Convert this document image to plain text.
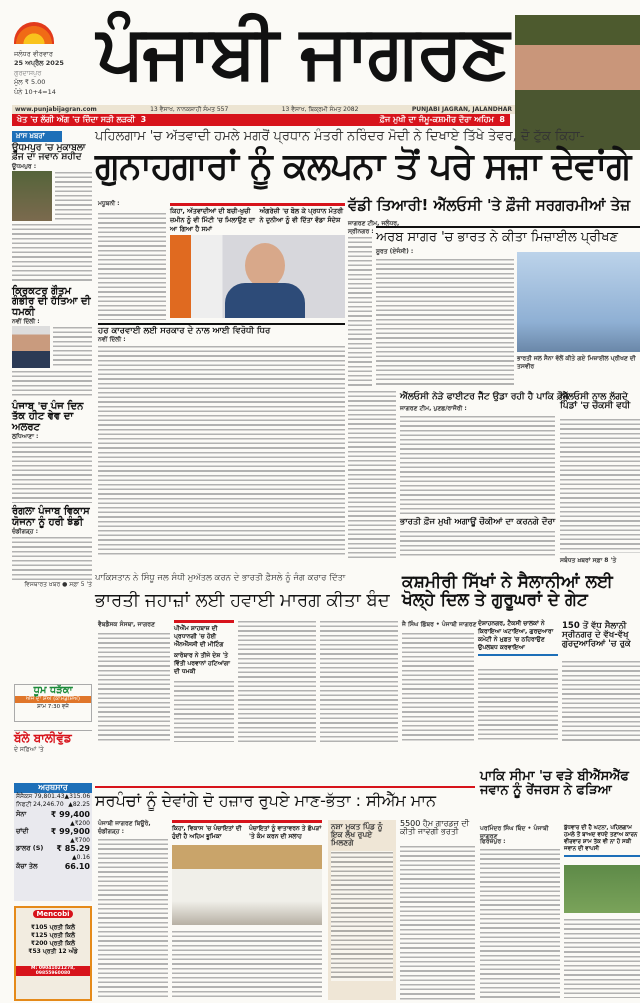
ਜਲੰਧਰ ਵੀਰਵਾਰ
25 ਅਪ੍ਰੈਲ 2025
ਗੁਰਦਾਸਪੁਰ
ਮੁੱਲ ₹ 5.00
ਪੰਨੇ 10+4=14 ਪੰਜਾਬੀ ਜਾਗਰਣ
www.punjabijagran.com	13 ਵੈਸਾਖ, ਨਾਨਕਸ਼ਾਹੀ ਸੰਮਤ 557	13 ਵੈਸਾਖ, ਬਿਕ੍ਰਮੀ ਸੰਮਤ 2082	PUNJABI JAGRAN, JALANDHAR
ਖੇਤ 'ਚ ਲੱਗੀ ਅੱਗ 'ਚ ਜ਼ਿੰਦਾ ਸੜੀ ਲੜਕੀ 3	ਫ਼ੌਜ ਮੁਖੀ ਦਾ ਜੰਮੂ-ਕਸ਼ਮੀਰ ਦੌਰਾ ਅਹਿਮ 8
ਖ਼ਾਸ ਖ਼ਬਰਾਂ
ਊਧਮਪੁਰ 'ਚ ਮੁਕਾਬਲਾ ਫ਼ੌਜ ਦਾ ਜਵਾਨ ਸ਼ਹੀਦ
ਊਧਮਪੁਰ :
ਕ੍ਰਿਕਟਰ ਗੌਤਮ ਗੰਭੀਰ ਦੀ ਹੱਤਿਆ ਦੀ ਧਮਕੀ
ਨਵੀਂ ਦਿੱਲੀ :
ਪੰਜਾਬ 'ਚ ਪੰਜ ਦਿਨ ਤੱਕ ਹੀਟ ਵੇਵ ਦਾ ਅਲਰਟ
ਲੁਧਿਆਣਾ :
ਰੰਗਲਾ ਪੰਜਾਬ ਵਿਕਾਸ ਯੋਜਨਾ ਨੂੰ ਹਰੀ ਝੰਡੀ
ਚੰਡੀਗੜ੍ਹ :
ਵਿਸਥਾਰਤ ਖ਼ਬਰ ● ਸਫ਼ਾ 5 'ਤੇ
ਧੂਮ ਧੜੱਕਾ
ਅੱਜ ਦਾ ਸ਼ੋਅ (ਕਾਮੇਡੀਸ਼ੋਅ)
ਸ਼ਾਮ 7:30 ਵਜੇ
ਬੱਲੇ ਬਾਲੀਵੁੱਡ
ਦੇ ਸਫ਼ਿਆਂ 'ਤੇ
ਅਰਥਸਾਰ
ਸੈਂਸੈਕਸ 79,801.43 ▲315.06
ਨਿਫਟੀ 24,246.70 ▲82.25
ਸੋਨਾ	₹ 99,400
▲₹200
ਚਾਂਦੀ	₹ 99,900
▲₹700
ਡਾਲਰ (S) ₹ 85.29
▲0.16
ਕੱਚਾ ਤੇਲ	66.10
Mencobi
₹105 ਪ੍ਰਤੀ ਕਿਲੋ
₹125 ਪ੍ਰਤੀ ਕਿਲੋ
₹200 ਪ੍ਰਤੀ ਕਿਲੋ
₹53 ਪ੍ਰਤੀ 12 ਅੰਡੇ
M: 09041021278, 09855960080
ਪਹਿਲਗਾਮ 'ਚ ਅੱਤਵਾਦੀ ਹਮਲੇ ਮਗਰੋਂ ਪ੍ਰਧਾਨ ਮੰਤਰੀ ਨਰਿੰਦਰ ਮੋਦੀ ਨੇ ਦਿਖਾਏ ਤਿੱਖੇ ਤੇਵਰ, ਦੋ ਟੁੱਕ ਕਿਹਾ-
ਗੁਨਾਹਗਾਰਾਂ ਨੂੰ ਕਲਪਨਾ ਤੋਂ ਪਰੇ ਸਜ਼ਾ ਦੇਵਾਂਗੇ
ਮਧੂਬਨੀ :
ਕਿਹਾ, ਅੱਤਵਾਦੀਆਂ ਦੀ ਬਚੀ-ਖੁਚੀ ਜ਼ਮੀਨ ਨੂੰ ਵੀ ਮਿੱਟੀ 'ਚ ਮਿਲਾਉਣ ਦਾ ਆ ਗਿਆ ਹੈ ਸਮਾਂ
ਅੰਗਰੇਜ਼ੀ 'ਚ ਬੋਲ ਕੇ ਪ੍ਰਧਾਨ ਮੰਤਰੀ ਨੇ ਦੁਨੀਆ ਨੂੰ ਵੀ ਦਿੱਤਾ ਵੱਡਾ ਸੰਦੇਸ਼
ਹਰ ਕਾਰਵਾਈ ਲਈ ਸਰਕਾਰ ਦੇ ਨਾਲ ਆਈ ਵਿਰੋਧੀ ਧਿਰ
ਨਵੀਂ ਦਿੱਲੀ :
ਵੱਡੀ ਤਿਆਰੀ! ਐੱਲਓਸੀ 'ਤੇ ਫ਼ੌਜੀ ਸਰਗਰਮੀਆਂ ਤੇਜ਼
ਜਾਗਰਣ ਟੀਮ, ਜਲੰਧਰ, ਸ੍ਰੀਨਗਰ : ਅਰਬ ਸਾਗਰ 'ਚ ਭਾਰਤ ਨੇ ਕੀਤਾ ਮਿਜ਼ਾਈਲ ਪ੍ਰੀਖਣ
ਸੂਰਤ (ਏਜੰਸੀ) :
ਭਾਰਤੀ ਜਲ ਸੈਨਾ ਵੱਲੋਂ ਕੀਤੇ ਗਏ ਮਿਜ਼ਾਈਲ ਪ੍ਰੀਖਣ ਦੀ ਤਸਵੀਰ
ਐੱਲਓਸੀ ਨੇੜੇ ਫਾਈਟਰ ਜੈੱਟ ਉਡਾ ਰਹੀ ਹੈ ਪਾਕਿ ਫ਼ੌਜ
ਜਾਗਰਣ ਟੀਮ, ਪੁਣਛ/ਰਾਜੌਰੀ :
ਐੱਲਓਸੀ ਨਾਲ ਲੱਗਦੇ ਪਿੰਡਾਂ 'ਚ ਚੌਕਸੀ ਵਧੀ
ਭਾਰਤੀ ਫ਼ੌਜ ਮੁਖੀ ਅਗਾਊਂ ਚੌਕੀਆਂ ਦਾ ਕਰਨਗੇ ਦੌਰਾ
ਸਬੰਧਤ ਖ਼ਬਰਾਂ ਸਫ਼ਾ 8 'ਤੇ
ਪਾਕਿਸਤਾਨ ਨੇ ਸਿੰਧੂ ਜਲ ਸੰਧੀ ਮੁਅੱਤਲ ਕਰਨ ਦੇ ਭਾਰਤੀ ਫ਼ੈਸਲੇ ਨੂੰ ਜੰਗ ਕਰਾਰ ਦਿੱਤਾ
ਭਾਰਤੀ ਜਹਾਜ਼ਾਂ ਲਈ ਹਵਾਈ ਮਾਰਗ ਕੀਤਾ ਬੰਦ
ਵੈਬਡੈਸਕ ਸੰਸਥਾ, ਜਾਗਰਣ
ਪੀਐੱਮ ਸ਼ਾਹਬਾਜ਼ ਦੀ ਪ੍ਰਧਾਨਗੀ 'ਚ ਹੋਈ ਐੱਨਐੱਸਸੀ ਦੀ ਮੀਟਿੰਗ
ਕਾਰੋਬਾਰ ਨੇ ਤੀਜੇ ਦੇਸ਼ 'ਤੇ ਵਿੱਤੀ ਪਰਵਾਨਾਂ ਹਟਿਆਂਗਾ ਦੀ ਧਮਕੀ
ਕਸ਼ਮੀਰੀ ਸਿੱਖਾਂ ਨੇ ਸੈਲਾਨੀਆਂ ਲਈ ਖੋਲ੍ਹੇ ਦਿਲ ਤੇ ਗੁਰੂਘਰਾਂ ਦੇ ਗੇਟ
ਜੈ ਸਿੰਘ ਛਿੱਬਰ • ਪੰਜਾਬੀ ਜਾਗਰਣ ਦੋਸ਼ਾਹਨਗਰ, ਟੈਕਸੀ ਚਾਲਕਾਂ ਨੇ ਕਿਰਾਇਆ ਘਟਾਇਆ, ਗੁਰਦੁਆਰਾ ਕਮੇਟੀ ਨੇ ਮੁਫ਼ਤ 'ਚ ਠਹਿਰਾਉਣ ਉਪਲਬਧ ਕਰਵਾਇਆ
150 ਤੋਂ ਵੱਧ ਸੈਲਾਨੀ ਸ੍ਰੀਨਗਰ ਦੇ ਵੱਖ-ਵੱਖ ਗੁਰਦੁਆਰਿਆਂ 'ਚ ਰੁਕੇ
ਸਰਪੰਚਾਂ ਨੂੰ ਦੇਵਾਂਗੇ ਦੋ ਹਜ਼ਾਰ ਰੁਪਏ ਮਾਣ-ਭੱਤਾ : ਸੀਐੱਮ ਮਾਨ
ਪੰਜਾਬੀ ਜਾਗਰਣ ਬਿਊਰੋ, ਚੰਡੀਗੜ੍ਹ :	ਕਿਹਾ, ਵਿਕਾਸ 'ਚ ਪੰਚਾਇਤਾਂ ਦੀ ਹੁੰਦੀ ਹੈ ਅਹਿਮ ਭੂਮਿਕਾ
ਪੰਚਾਇਤਾਂ ਨੂੰ ਵਾਤਾਵਰਨ ਤੇ ਛੱਪੜਾਂ 'ਤੇ ਕੰਮ ਕਰਨ ਦੀ ਸਲਾਹ
ਨਸ਼ਾ ਮੁਕਤ ਪਿੰਡ ਨੂੰ ਇਕ ਲੱਖ ਰੁਪਏ ਮਿਲਣਗੇ
5500 ਹੈਮ ਗਾਰਡਜ਼ ਦੀ ਕੀਤੀ ਜਾਵੇਗੀ ਭਰਤੀ
ਪਾਕਿ ਸੀਮਾ 'ਚ ਵੜੇ ਬੀਐੱਸਐੱਫ ਜਵਾਨ ਨੂੰ ਰੇਂਜਰਸ ਨੇ ਫੜਿਆ
ਪਰਮਿੰਦਰ ਸਿੰਘ ਥਿੰਦ • ਪੰਜਾਬੀ ਜਾਗਰਣ
ਫਿਰੋਜ਼ਪੁਰ :
ਬੁੱਧਵਾਰ ਦੀ ਹੈ ਘਟਨਾ, ਪਹਿਲਗਾਮ ਹਮਲੇ ਤੋਂ ਬਾਅਦ ਵਧਦੇ ਤਣਾਅ ਕਾਰਨ ਵੀਰਵਾਰ ਸ਼ਾਮ ਤੱਕ ਵੀ ਨਾ ਹੋ ਸਕੀ ਜਵਾਨ ਦੀ ਵਾਪਸੀ
